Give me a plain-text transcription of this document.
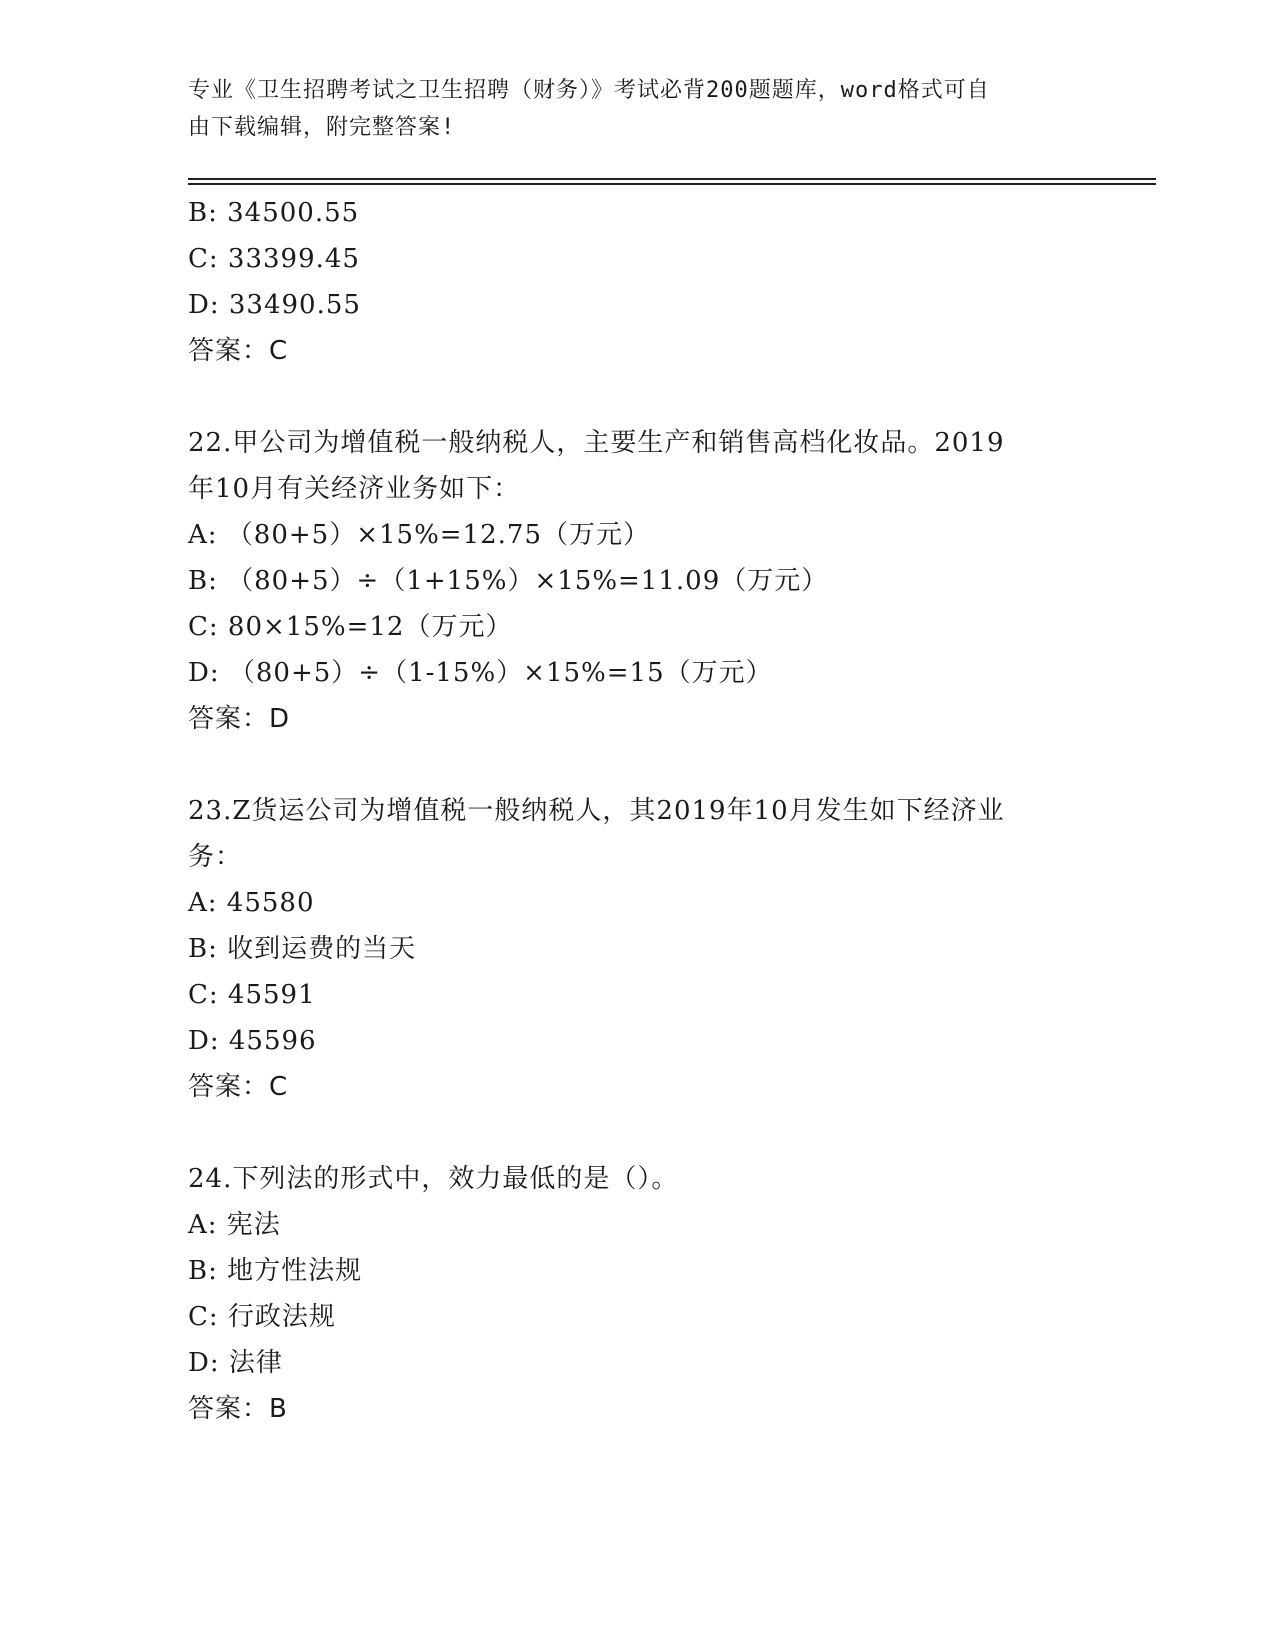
专业《卫生招聘考试之卫生招聘（财务）》考试必背200题题库，word格式可自
由下载编辑，附完整答案!
B: 34500.55
C: 33399.45
D: 33490.55
答案：C
22.甲公司为增值税一般纳税人，主要生产和销售高档化妆品。2019
年10月有关经济业务如下：
A: （80+5）×15%=12.75（万元）
B: （80+5）÷（1+15%）×15%=11.09（万元）
C: 80×15%=12（万元）
D: （80+5）÷（1-15%）×15%=15（万元）
答案：D
23.Z货运公司为增值税一般纳税人，其2019年10月发生如下经济业
务：
A: 45580
B: 收到运费的当天
C: 45591
D: 45596
答案：C
24.下列法的形式中，效力最低的是（）。
A: 宪法
B: 地方性法规
C: 行政法规
D: 法律
答案：B
